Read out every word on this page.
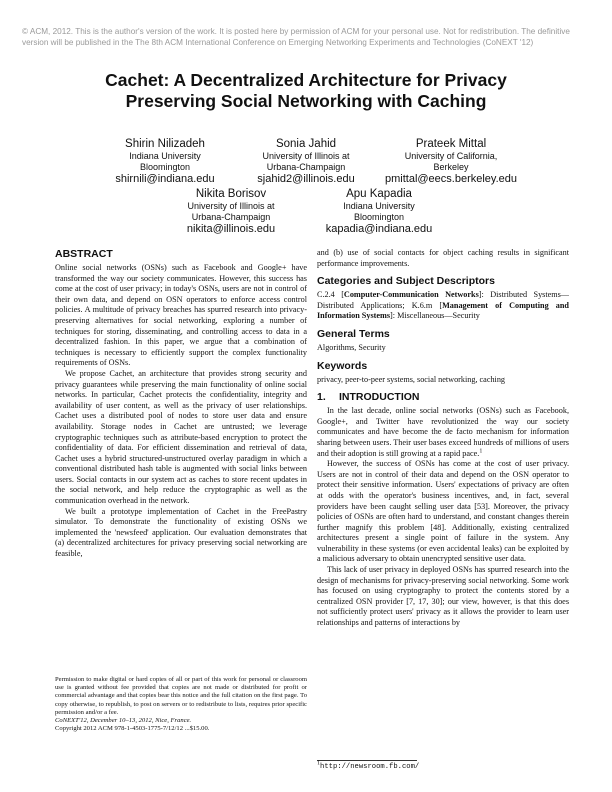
© ACM, 2012. This is the author's version of the work. It is posted here by permission of ACM for your personal use. Not for redistribution. The definitive version will be published in the The 8th ACM International Conference on Emerging Networking Experiments and Technologies (CoNEXT '12)
Cachet: A Decentralized Architecture for Privacy
Preserving Social Networking with Caching
Shirin Nilizadeh
Indiana University
Bloomington
shirnili@indiana.edu
Sonia Jahid
University of Illinois at
Urbana-Champaign
sjahid2@illinois.edu
Prateek Mittal
University of California,
Berkeley
pmittal@eecs.berkeley.edu
Nikita Borisov
University of Illinois at
Urbana-Champaign
nikita@illinois.edu
Apu Kapadia
Indiana University
Bloomington
kapadia@indiana.edu
ABSTRACT

Online social networks (OSNs) such as Facebook and Google+ have transformed the way our society communicates. However, this success has come at the cost of user privacy; in today's OSNs, users are not in control of their own data, and depend on OSN operators to enforce access control policies. A multitude of privacy breaches has spurred research into privacy-preserving alternatives for social networking, exploring a number of techniques for storing, disseminating, and controlling access to data in a decentralized fashion. In this paper, we argue that a combination of techniques is necessary to efficiently support the complex functionality requirements of OSNs.

We propose Cachet, an architecture that provides strong security and privacy guarantees while preserving the main functionality of online social networks. In particular, Cachet protects the confidentiality, integrity and availability of user content, as well as the privacy of user relationships. Cachet uses a distributed pool of nodes to store user data and ensure availability. Storage nodes in Cachet are untrusted; we leverage cryptographic techniques such as attribute-based encryption to protect the confidentiality of data. For efficient dissemination and retrieval of data, Cachet uses a hybrid structured-unstructured overlay paradigm in which a conventional distributed hash table is augmented with social links between users. Social contacts in our system act as caches to store recent updates in the social network, and help reduce the cryptographic as well as the communication overhead in the network.

We built a prototype implementation of Cachet in the FreePastry simulator. To demonstrate the functionality of existing OSNs we implemented the 'newsfeed' application. Our evaluation demonstrates that (a) decentralized architectures for privacy preserving social networking are feasible,

Permission to make digital or hard copies of all or part of this work for personal or classroom use is granted without fee provided that copies are not made or distributed for profit or commercial advantage and that copies bear this notice and the full citation on the first page. To copy otherwise, to republish, to post on servers or to redistribute to lists, requires prior specific permission and/or a fee.
CoNEXT'12, December 10–13, 2012, Nice, France.
Copyright 2012 ACM 978-1-4503-1775-7/12/12 ...$15.00.

and (b) use of social contacts for object caching results in significant performance improvements.

Categories and Subject Descriptors

C.2.4 [Computer-Communication Networks]: Distributed Systems—Distributed Applications; K.6.m [Management of Computing and Information Systems]: Miscellaneous—Security

General Terms

Algorithms, Security

Keywords

privacy, peer-to-peer systems, social networking, caching

1. INTRODUCTION

In the last decade, online social networks (OSNs) such as Facebook, Google+, and Twitter have revolutionized the way our society communicates and have become the de facto mechanism for information sharing between users. Their user bases exceed hundreds of millions of users and their adoption is still growing at a rapid pace.$^1$

However, the success of OSNs has come at the cost of user privacy. Users are not in control of their data and depend on the OSN operator to protect their sensitive information. Users' expectations of privacy are often at odds with the operator's business incentives, and, in fact, several providers have been caught selling user data [53]. Moreover, the privacy policies of OSNs are often hard to understand, and constant changes therein further magnify this problem [48]. Additionally, existing centralized architectures present a single point of failure in the system. Any vulnerability in these systems (or even accidental leaks) can be exploited by a malicious adversary to obtain unencrypted sensitive user data.

This lack of user privacy in deployed OSNs has spurred research into the design of mechanisms for privacy-preserving social networking. Some work has focused on using cryptography to protect the contents stored by a centralized OSN provider [7, 17, 30]; our view, however, is that this does not sufficiently protect users' privacy as it allows the provider to learn user relationships and patterns of interactions by

$^1$http://newsroom.fb.com/
